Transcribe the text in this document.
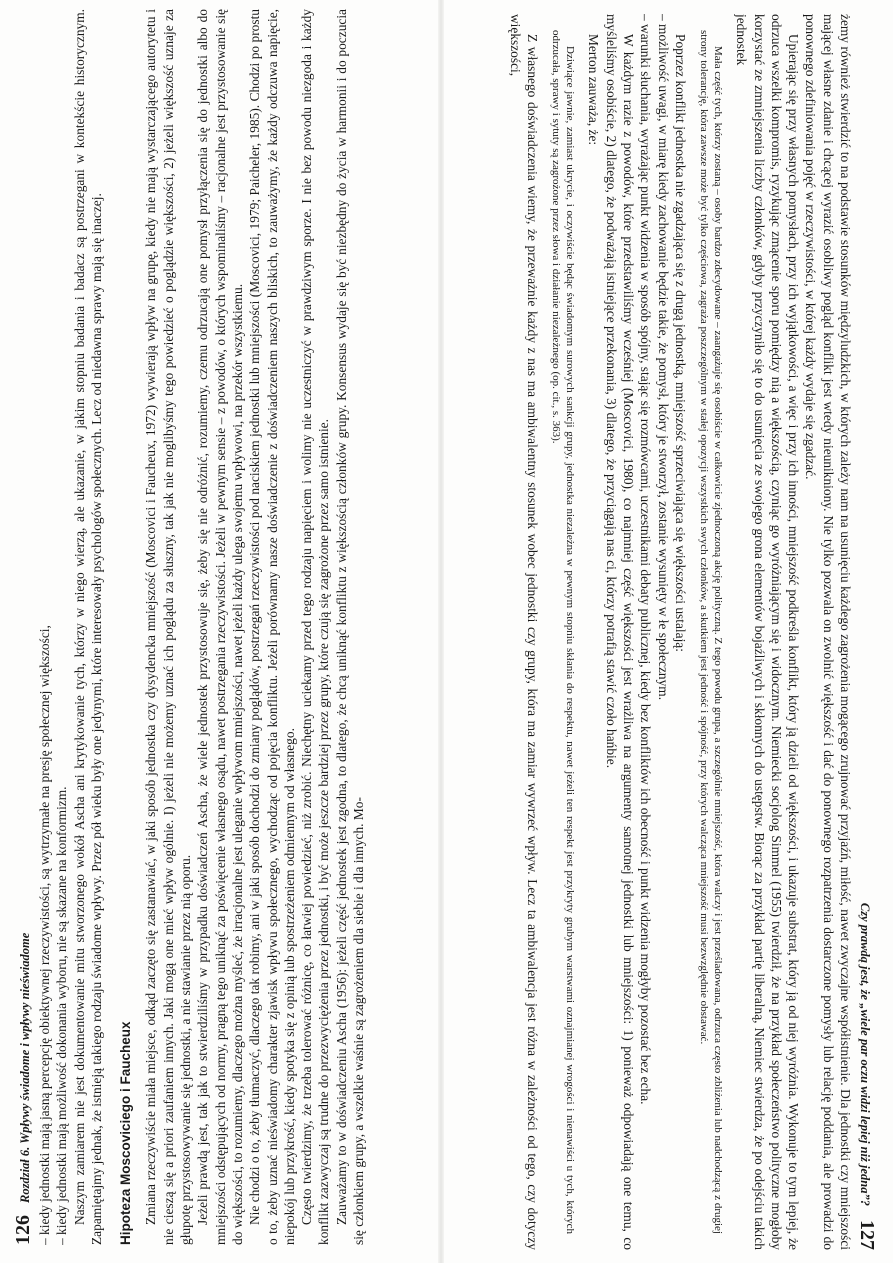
126
Rozdział 6. Wpływy świadome i wpływy nieświadome – kiedy jednostki mają jasną percepcję obiektywnej rzeczywistości, są wytrzymałe na presję społecznej większości, – kiedy jednostki mają możliwość dokonania wyboru, nie są skazane na konformizm. Naszym zamiarem nie jest dokumentowanie mitu stworzonego wokół Ascha ani krytykowanie tych, którzy w niego wierzą, ale ukazanie, w jakim stopniu badania i badacz są postrzegani w kontekście historycznym. Zapamiętajmy jednak, że istnieją takiego rodzaju świadome wpływy. Przez pół wieku były one jedynymi, które interesowały psychologów społecznych. Lecz od niedawna sprawy mają się inaczej. Hipoteza Moscoviciego i Faucheux Zmiana rzeczywiście miała miejsce, odkąd zaczęto się zastanawiać, w jaki sposób jednostka czy dysydencka mniejszość (Moscovici i Faucheux, 1972) wywierają wpływ na grupę, kiedy nie mają wystarczającego autorytetu i nie cieszą się a priori zaufaniem innych. Jaki mogą one mieć wpływ ogólnie. I) jeżeli nie możemy uznać ich poglądu za słuszny, tak jak nie moglibyśmy tego powiedzieć o poglądzie większości, 2) jeżeli większość uznaje za głupotę przystosowywanie się jednostki, a nie stawianie przez nią oporu. Jeżeli prawdą jest, tak jak to stwierdziliśmy w przypadku doświadczeń Ascha, że wiele jednostek przystosowuje się, żeby się nie odróżnić, rozumiemy, czemu odrzucają one pomysł przyłączenia się do jednostki albo do mniejszości odstępujących od normy, pragną tego uniknąć za poświęcenie własnego osądu, nawet postrzegania rzeczywistości. Jeżeli w pewnym sensie – z powodów, o których wspominaliśmy – racjonalne jest przystosowanie się do większości, to rozumiemy, dlaczego można myśleć, że irracjonalne jest uleganie wpływom mniejszości, nawet jeżeli każdy ulega swojemu wpływowi, na przekór wszystkiemu. Nie chodzi o to, żeby tłumaczyć, dlaczego tak robimy, ani w jaki sposób dochodzi do zmiany poglądów, postrzegań rzeczywistości pod naciskiem jednostki lub mniejszości (Moscovici, 1979; Paicheler, 1985). Chodzi po prostu o to, żeby uznać nieświadomy charakter zjawisk wpływu społecznego, wychodząc od pojęcia konfliktu. Jeżeli porównamy nasze doświadczenie z doświadczeniem naszych bliskich, to zauważymy, że każdy odczuwa napięcie, niepokój lub przykrość, kiedy spotyka się z opinią lub spostrzeżeniem odmiennym od własnego. Często twierdzimy, że trzeba tolerować różnicę, co łatwiej powiedzieć, niż zrobić. Niechętny uciekamy przed tego rodzaju napięciem i wolimy nie uczestniczyć w prawdziwym sporze. I nie bez powodu niezgoda i każdy konflikt zazwyczaj są trudne do przezwyciężenia przez jednostki, i być może jeszcze bardziej przez grupy, które czują się zagrożone przez samo istnienie. Zauważamy to w doświadczeniu Ascha (1956): jeżeli część jednostek jest zgodna, to dlatego, że chcą uniknąć konfliktu z większością członków grupy. Konsensus wydaje się być niezbędny do życia w harmonii i do poczucia się członkiem grupy, a wszelkie waśnie są zagrożeniem dla siebie i dla innych. Mo-	Czy prawdą jest, że „wiele par oczu widzi lepiej niż jedna”?
127

żemy również stwierdzić to na podstawie stosunków międzyludzkich, w których zależy nam na usunięciu każdego zagrożenia mogącego zrujnować przyjaźń, miłość, nawet zwyczajne współistnienie. Dla jednostki czy mniejszości mającej własne zdanie i chcącej wyrazić osobliwy pogląd konflikt jest wtedy nieunikniony. Nie tylko pozwala on zwolnić większość i dać do ponownego rozpatrzenia dostarczone pomysły lub relację poddania, ale prowadzi do ponownego zdefiniowania pojęć w rzeczywistości, w której każdy wydaje się zgadzać.

Upierając się przy własnych pomysłach, przy ich wyjątkowości, a więc i przy ich inności, mniejszość podkreśla konflikt, który ją dzieli od większości, i ukazuje substrat, który ją od niej wyróżnia. Wykonuje to tym lepiej, że odrzuca wszelki kompromis, ryzykując zmącenie sporu pomiędzy nią a większością, czyniąc go wyróżniającym się i widocznym. Niemiecki socjolog Simmel (1955) twierdził, że na przykład społeczeństwo polityczne mogłoby korzystać ze zmniejszenia liczby członków, gdyby przyczyniło się to do usunięcia ze swojego grona elementów bojaźliwych i skłonnych do ustępstw. Biorąc za przykład partię liberalną, Niemiec stwierdza, że po odejściu takich jednostek

Mała część tych, którzy zostaną – osoby bardzo zdecydowane – zaangażuje się osobiście w całkowicie zjednoczoną akcję polityczną. Z tego powodu grupa, a szczególnie mniejszość, która walczy i jest prześladowana, odrzuca często zbliżenia lub nadchodzącą z drugiej strony tolerancję, która zawsze może być tylko częściowa, zagraża poszczególnym w stałej opozycji wszystkich swych członków, a skutkiem jest jedność i spójność, przy których walcząca mniejszość musi bezwzględnie obstawać.

Poprzez konflikt jednostka nie zgadzająca się z drugą jednostką, mniejszość sprzeciwiająca się większości ustalają:

– możliwość uwagi, w miarę kiedy zachowanie będzie takie, że pomysł, który je stworzył, zostanie wysunięty w łe społecznym.

– warunki słuchania, wyrażając punkt widzenia w sposób spójny, stając się rozmówcami, uczestnikami debaty publicznej, kiedy bez konfliktów ich obecność i punkt widzenia mogłyby pozostać bez echa.

W każdym razie z powodów, które przedstawiliśmy wcześniej (Moscovici, 1980), co najmniej część większości jest wrażliwa na argumenty samotnej jednostki lub mniejszości: 1) ponieważ odpowiadają one temu, co myśleliśmy osobiście, 2) dlatego, że podważają istniejące przekonania, 3) dlatego, że przyciągają nas ci, którzy potrafią stawić czoło hańbie.

Merton zauważa, że:

Dziwiące jawnie, zamiast ukrycie, i oczywiście będąc świadomym surowych sankcji grupy, jednostka niezależna w pewnym stopniu skłania do respektu, nawet jeżeli ten respekt jest przykryty grubym warstwami oznajmianej wrogości i nienawiści u tych, których odrzucała, sprawy i sytuty są zagrożone przez słowa i działanie niezależnego (op. cit., s. 363).

Z własnego doświadczenia wiemy, że przeważnie każdy z nas ma ambiwalentny stosunek wobec jednostki czy grupy, która ma zamiar wywrzeć wpływ. Lecz ta ambiwalencja jest różna w zależności od tego, czy dotyczy większości,
